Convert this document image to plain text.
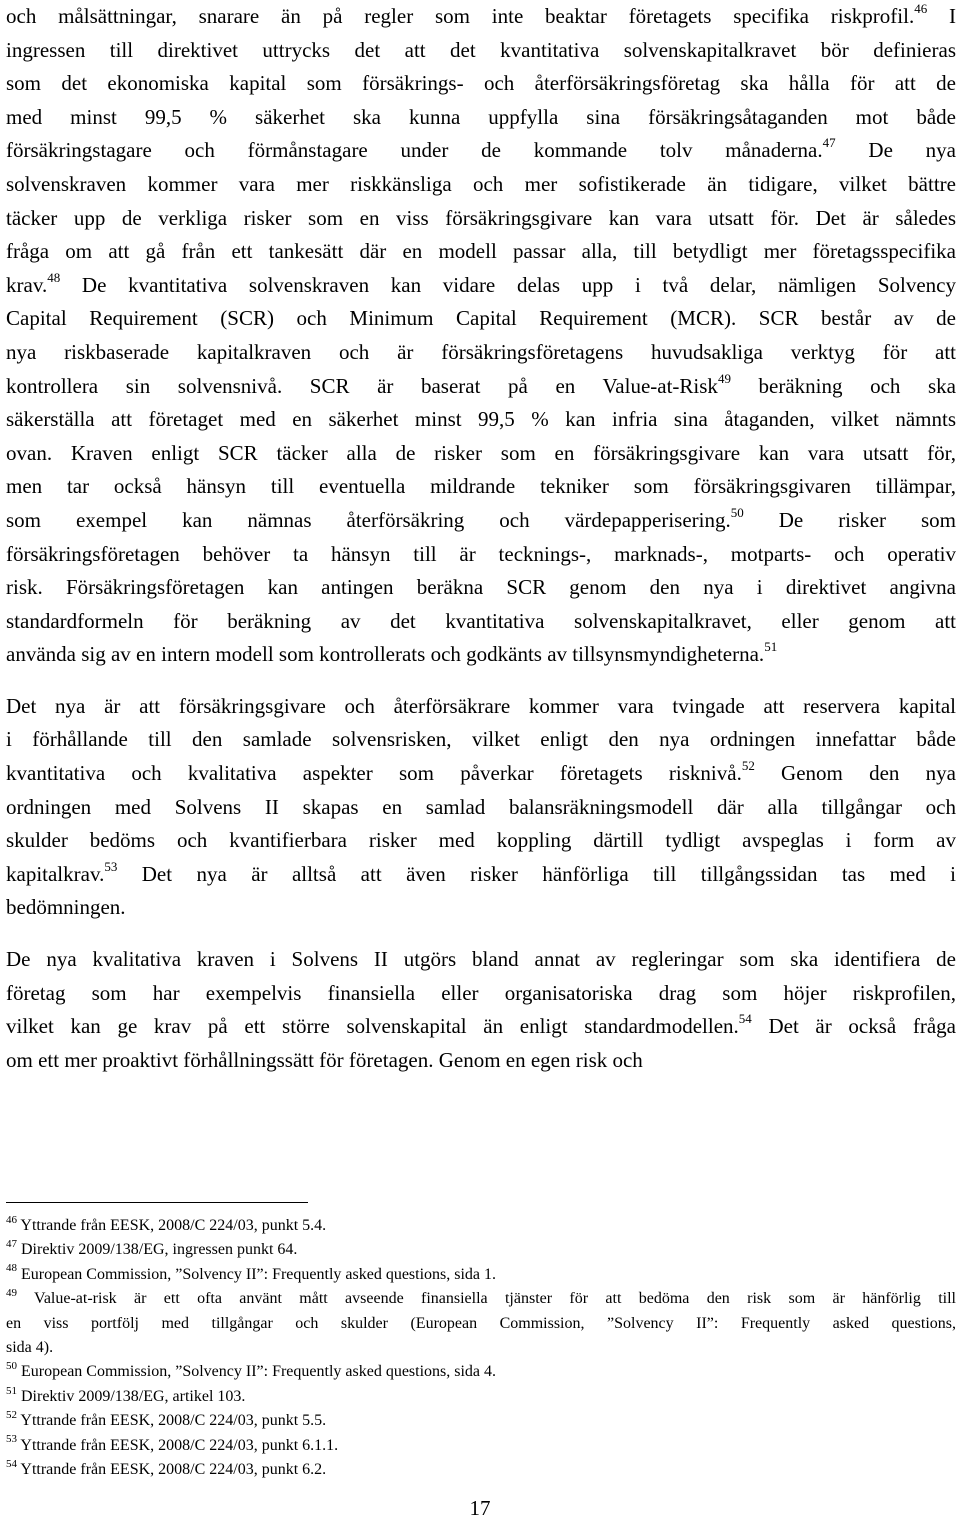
och målsättningar, snarare än på regler som inte beaktar företagets specifika riskprofil.$^{46}$ I
ingressen till direktivet uttrycks det att det kvantitativa solvenskapitalkravet bör definieras
som det ekonomiska kapital som försäkrings- och återförsäkringsföretag ska hålla för att de
med minst 99,5 % säkerhet ska kunna uppfylla sina försäkringsåtaganden mot både
försäkringstagare och förmånstagare under de kommande tolv månaderna.$^{47}$ De nya
solvenskraven kommer vara mer riskkänsliga och mer sofistikerade än tidigare, vilket bättre
täcker upp de verkliga risker som en viss försäkringsgivare kan vara utsatt för. Det är således
fråga om att gå från ett tankesätt där en modell passar alla, till betydligt mer företagsspecifika
krav.$^{48}$ De kvantitativa solvenskraven kan vidare delas upp i två delar, nämligen Solvency
Capital Requirement (SCR) och Minimum Capital Requirement (MCR). SCR består av de
nya riskbaserade kapitalkraven och är försäkringsföretagens huvudsakliga verktyg för att
kontrollera sin solvensnivå. SCR är baserat på en Value-at-Risk$^{49}$ beräkning och ska
säkerställa att företaget med en säkerhet minst 99,5 % kan infria sina åtaganden, vilket nämnts
ovan. Kraven enligt SCR täcker alla de risker som en försäkringsgivare kan vara utsatt för,
men tar också hänsyn till eventuella mildrande tekniker som försäkringsgivaren tillämpar,
som exempel kan nämnas återförsäkring och värdepapperisering.$^{50}$ De risker som
försäkringsföretagen behöver ta hänsyn till är tecknings-, marknads-, motparts- och operativ
risk. Försäkringsföretagen kan antingen beräkna SCR genom den nya i direktivet angivna
standardformeln för beräkning av det kvantitativa solvenskapitalkravet, eller genom att
använda sig av en intern modell som kontrollerats och godkänts av tillsynsmyndigheterna.$^{51}$

Det nya är att försäkringsgivare och återförsäkrare kommer vara tvingade att reservera kapital
i förhållande till den samlade solvensrisken, vilket enligt den nya ordningen innefattar både
kvantitativa och kvalitativa aspekter som påverkar företagets risknivå.$^{52}$ Genom den nya
ordningen med Solvens II skapas en samlad balansräkningsmodell där alla tillgångar och
skulder bedöms och kvantifierbara risker med koppling därtill tydligt avspeglas i form av
kapitalkrav.$^{53}$ Det nya är alltså att även risker hänförliga till tillgångssidan tas med i
bedömningen.

De nya kvalitativa kraven i Solvens II utgörs bland annat av regleringar som ska identifiera de
företag som har exempelvis finansiella eller organisatoriska drag som höjer riskprofilen,
vilket kan ge krav på ett större solvenskapital än enligt standardmodellen.$^{54}$ Det är också fråga
om ett mer proaktivt förhållningssätt för företagen. Genom en egen risk och

$^{46}$ Yttrande från EESK, 2008/C 224/03, punkt 5.4.
$^{47}$ Direktiv 2009/138/EG, ingressen punkt 64.
$^{48}$ European Commission, ”Solvency II”: Frequently asked questions, sida 1.
$^{49}$ Value-at-risk är ett ofta använt mått avseende finansiella tjänster för att bedöma den risk som är hänförlig till
en viss portfölj med tillgångar och skulder (European Commission, ”Solvency II”: Frequently asked questions,
sida 4).
$^{50}$ European Commission, ”Solvency II”: Frequently asked questions, sida 4.
$^{51}$ Direktiv 2009/138/EG, artikel 103.
$^{52}$ Yttrande från EESK, 2008/C 224/03, punkt 5.5.
$^{53}$ Yttrande från EESK, 2008/C 224/03, punkt 6.1.1.
$^{54}$ Yttrande från EESK, 2008/C 224/03, punkt 6.2.
17
